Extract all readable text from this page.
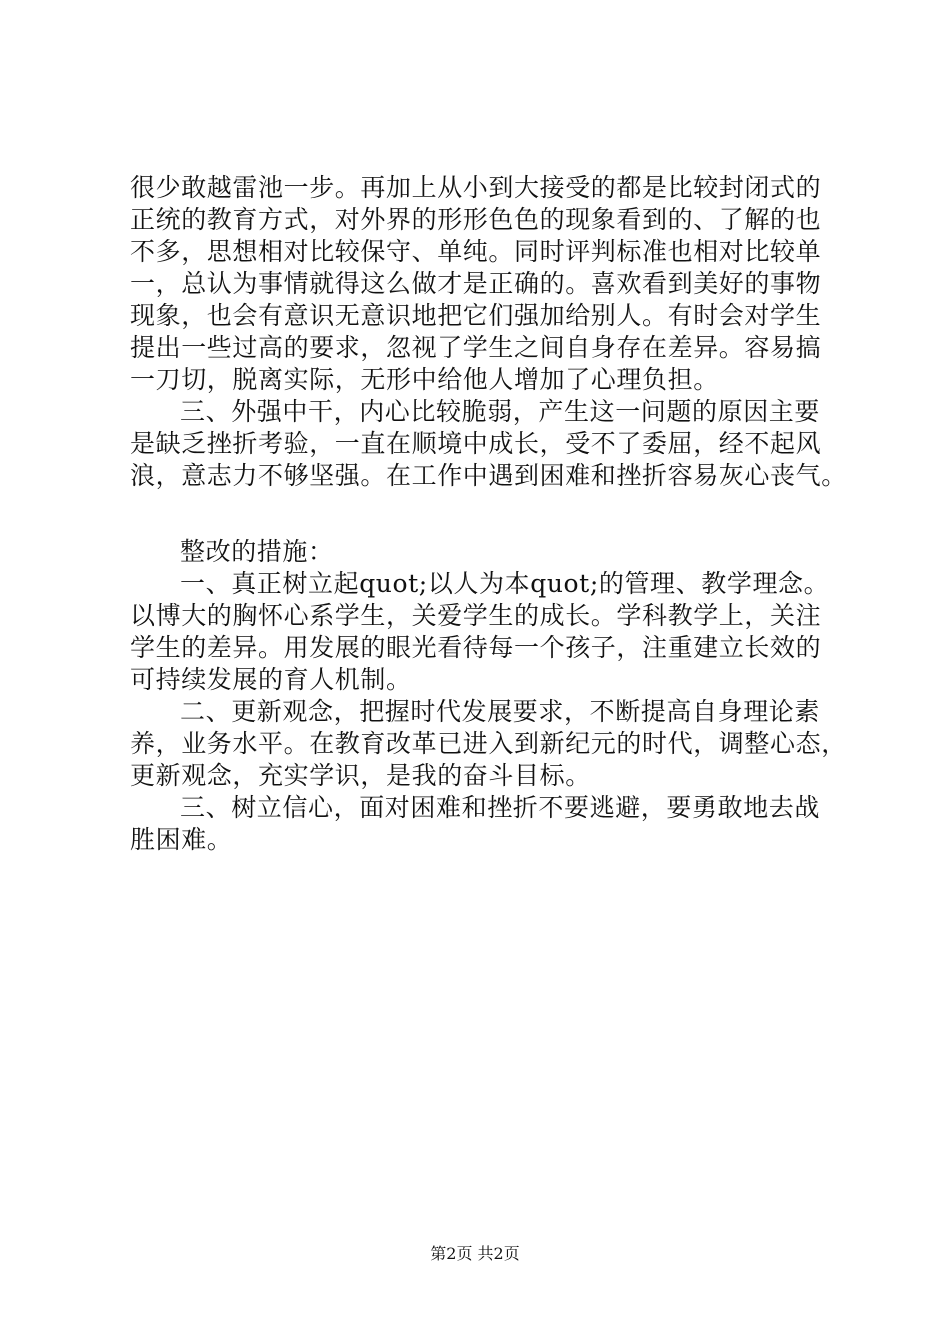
很少敢越雷池一步。再加上从小到大接受的都是比较封闭式的
正统的教育方式，对外界的形形色色的现象看到的、了解的也
不多，思想相对比较保守、单纯。同时评判标准也相对比较单
一，总认为事情就得这么做才是正确的。喜欢看到美好的事物
现象，也会有意识无意识地把它们强加给别人。有时会对学生
提出一些过高的要求，忽视了学生之间自身存在差异。容易搞
一刀切，脱离实际，无形中给他人增加了心理负担。
三、外强中干，内心比较脆弱，产生这一问题的原因主要
是缺乏挫折考验，一直在顺境中成长，受不了委屈，经不起风
浪，意志力不够坚强。在工作中遇到困难和挫折容易灰心丧气。
整改的措施：
一、真正树立起quot;以人为本quot;的管理、教学理念。
以博大的胸怀心系学生，关爱学生的成长。学科教学上，关注
学生的差异。用发展的眼光看待每一个孩子，注重建立长效的
可持续发展的育人机制。
二、更新观念，把握时代发展要求，不断提高自身理论素
养，业务水平。在教育改革已进入到新纪元的时代，调整心态，
更新观念，充实学识，是我的奋斗目标。
三、树立信心，面对困难和挫折不要逃避，要勇敢地去战
胜困难。
第2页 共2页
